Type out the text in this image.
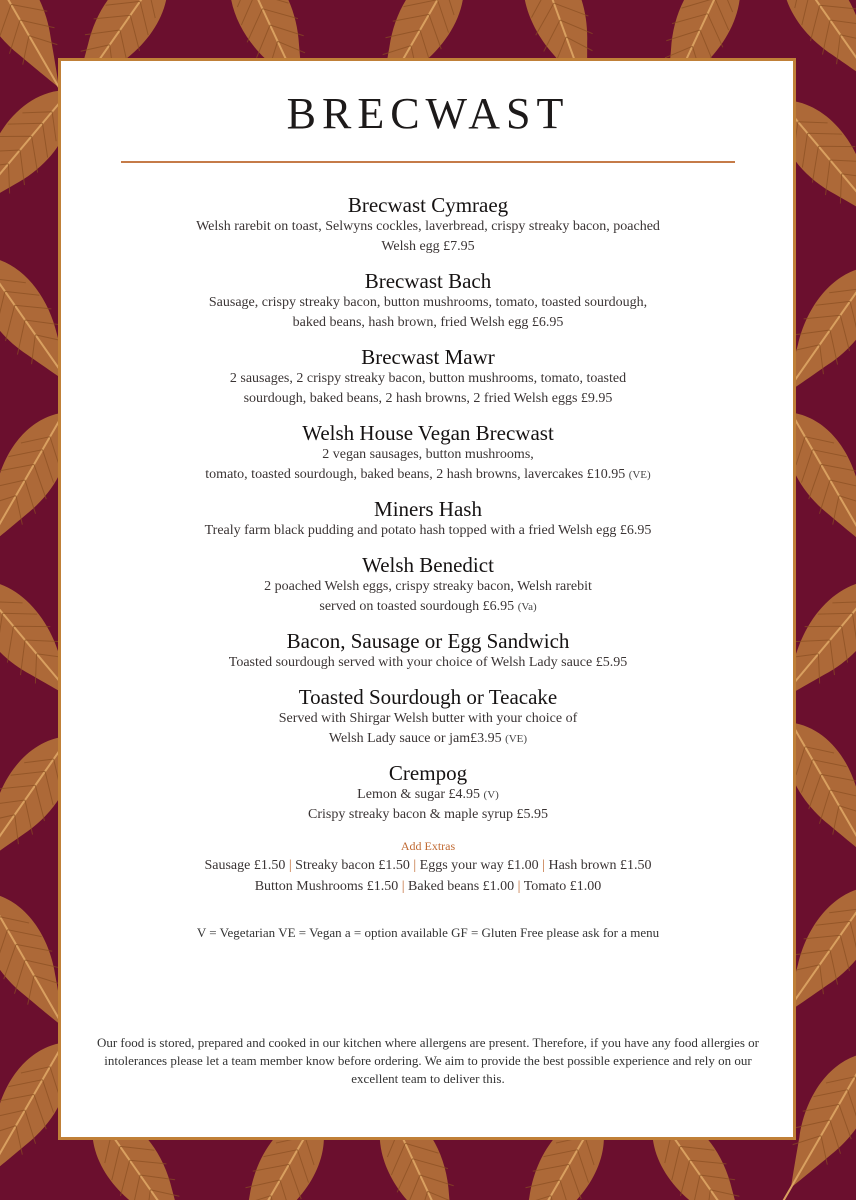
BRECWAST
Brecwast Cymraeg

Welsh rarebit on toast, Selwyns cockles, laverbread, crispy streaky bacon, poached
Welsh egg £7.95

Brecwast Bach

Sausage, crispy streaky bacon, button mushrooms, tomato, toasted sourdough,
baked beans, hash brown, fried Welsh egg £6.95

Brecwast Mawr

2 sausages, 2 crispy streaky bacon, button mushrooms, tomato, toasted
sourdough, baked beans, 2 hash browns, 2 fried Welsh eggs £9.95

Welsh House Vegan Brecwast

2 vegan sausages, button mushrooms,
tomato, toasted sourdough, baked beans, 2 hash browns, lavercakes £10.95 (VE)

Miners Hash

Trealy farm black pudding and potato hash topped with a fried Welsh egg £6.95

Welsh Benedict

2 poached Welsh eggs, crispy streaky bacon, Welsh rarebit
served on toasted sourdough £6.95 (Va)

Bacon, Sausage or Egg Sandwich

Toasted sourdough served with your choice of Welsh Lady sauce £5.95

Toasted Sourdough or Teacake

Served with Shirgar Welsh butter with your choice of
Welsh Lady sauce or jam£3.95 (VE)

Crempog

Lemon & sugar £4.95 (V)
Crispy streaky bacon & maple syrup £5.95

Add Extras
Sausage £1.50 | Streaky bacon £1.50 | Eggs your way £1.00 | Hash brown £1.50
Button Mushrooms £1.50 | Baked beans £1.00 | Tomato £1.00
V = Vegetarian VE = Vegan a = option available GF = Gluten Free please ask for a menu
Our food is stored, prepared and cooked in our kitchen where allergens are present. Therefore, if you have any food allergies or intolerances please let a team member know before ordering. We aim to provide the best possible experience and rely on our excellent team to deliver this.
